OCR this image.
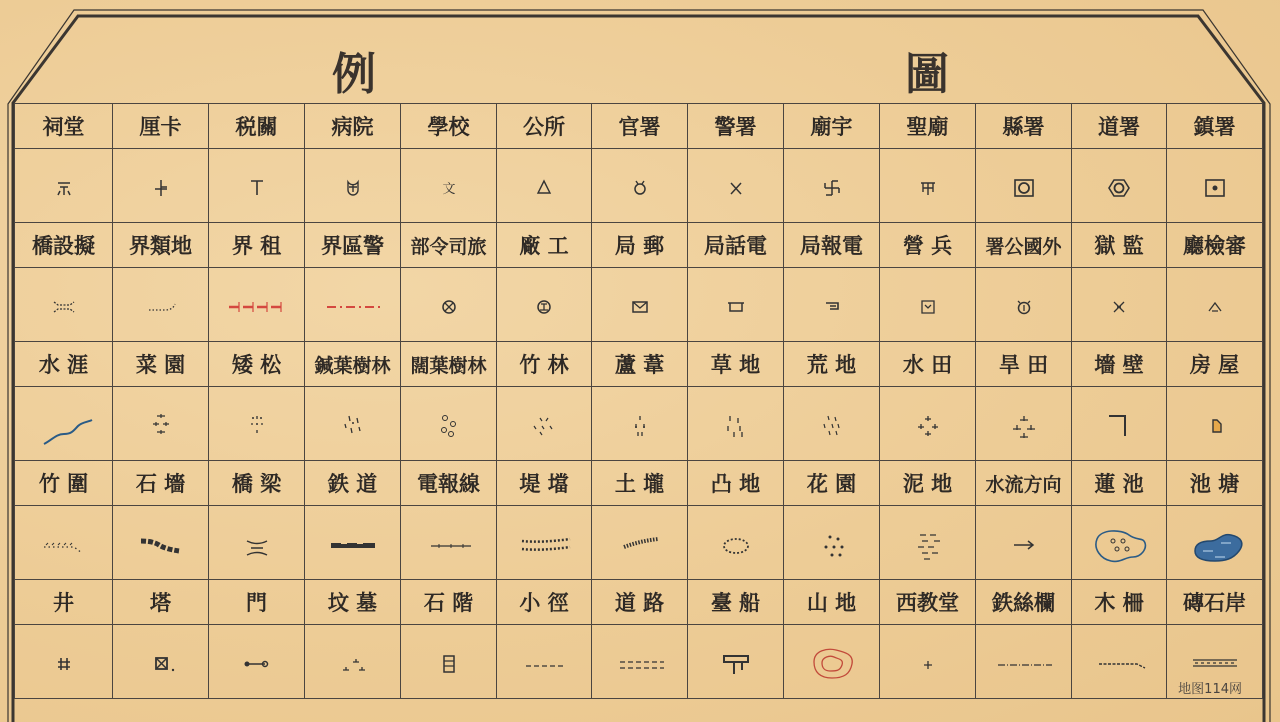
例	圖
祠堂	厘卡	税關	病院	學校	公所	官署	警署	廟宇	聖廟	縣署	道署	鎮署

文

橋設擬	界類地	界 租	界區警	部令司旅	廠 工	局 郵	局話電	局報電	營 兵	署公國外	獄 監	廳檢審

水 涯	菜 園	矮 松	鍼葉樹林	闊葉樹林	竹 林	蘆 葦	草 地	荒 地	水 田	旱 田	墻 壁	房 屋

竹 圍	石 墻	橋 梁	鉄 道	電報線	堤 壋	土 壠	凸 地	花 園	泥 地	水流方向	蓮 池	池 塘

井	塔	門	坟 墓	石 階	小 徑	道 路	臺 船	山 地	西教堂	鉄絲欄	木 柵	磚石岸

地图114网
